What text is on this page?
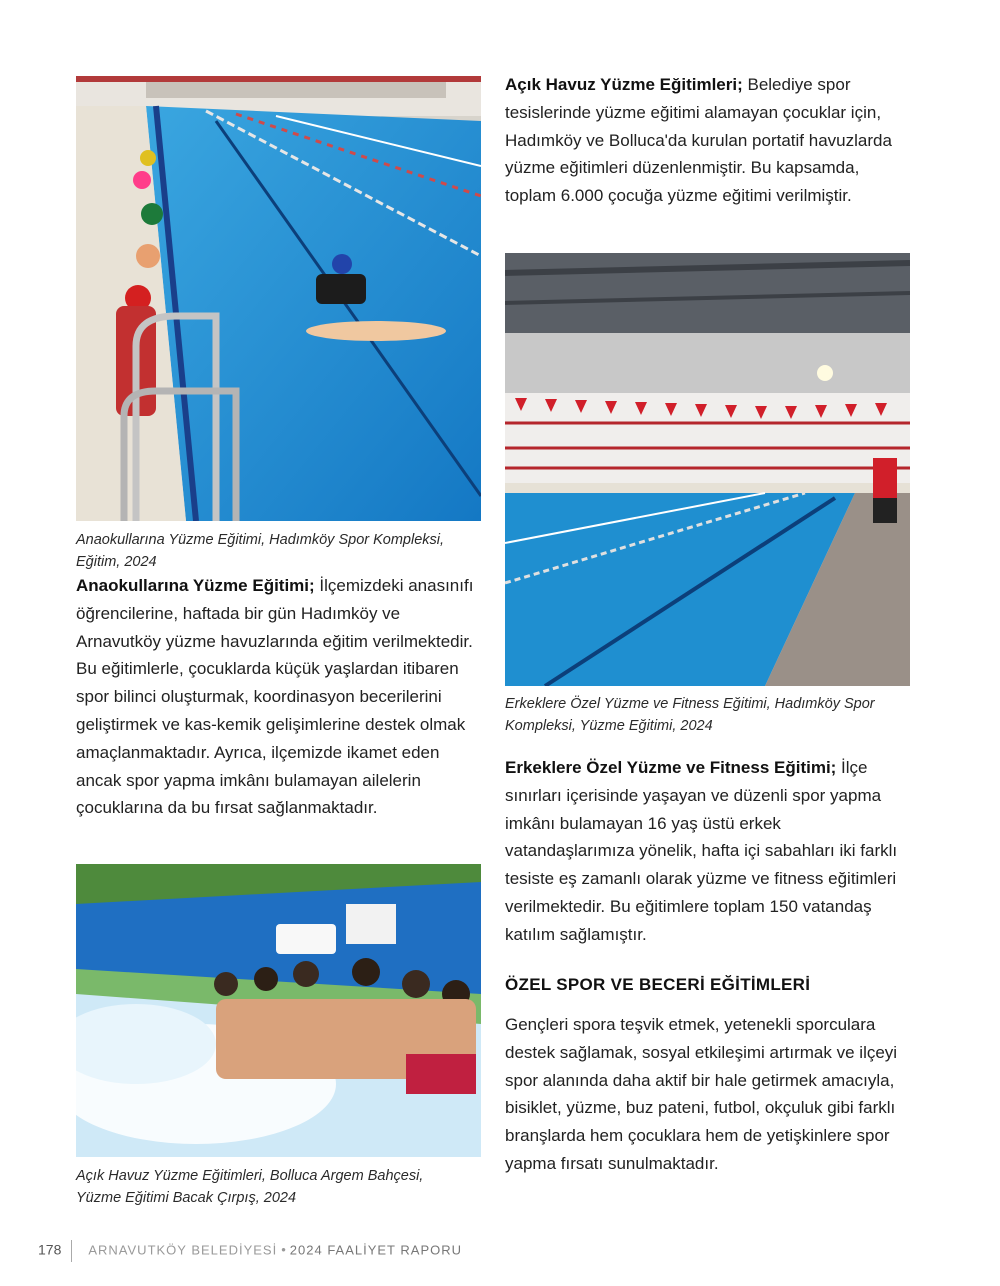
Anaokullarına Yüzme Eğitimi, Hadımköy Spor Kompleksi,
Eğitim, 2024

Anaokullarına Yüzme Eğitimi; İlçemizdeki anasınıfı öğrencilerine, haftada bir gün Hadımköy ve Arnavutköy yüzme havuzlarında eğitim verilmektedir. Bu eğitimlerle, çocuklarda küçük yaşlardan itibaren spor bilinci oluşturmak, koordinasyon becerilerini geliştirmek ve kas-kemik gelişimlerine destek olmak amaçlanmaktadır. Ayrıca, ilçemizde ikamet eden ancak spor yapma imkânı bulamayan ailelerin çocuklarına da bu fırsat sağlanmaktadır.

Açık Havuz Yüzme Eğitimleri, Bolluca Argem Bahçesi,
Yüzme Eğitimi Bacak Çırpış, 2024

Açık Havuz Yüzme Eğitimleri; Belediye spor tesislerinde yüzme eğitimi alamayan çocuklar için, Hadımköy ve Bolluca'da kurulan portatif havuzlarda yüzme eğitimleri düzenlenmiştir. Bu kapsamda, toplam 6.000 çocuğa yüzme eğitimi verilmiştir.

Erkeklere Özel Yüzme ve Fitness Eğitimi, Hadımköy Spor
Kompleksi, Yüzme Eğitimi, 2024

Erkeklere Özel Yüzme ve Fitness Eğitimi; İlçe sınırları içerisinde yaşayan ve düzenli spor yapma imkânı bulamayan 16 yaş üstü erkek vatandaşlarımıza yönelik, hafta içi sabahları iki farklı tesiste eş zamanlı olarak yüzme ve fitness eğitimleri verilmektedir. Bu eğitimlere toplam 150 vatandaş katılım sağlamıştır.

ÖZEL SPOR VE BECERİ EĞİTİMLERİ

Gençleri spora teşvik etmek, yetenekli sporculara destek sağlamak, sosyal etkileşimi artırmak ve ilçeyi spor alanında daha aktif bir hale getirmek amacıyla, bisiklet, yüzme, buz pateni, futbol, okçuluk gibi farklı branşlarda hem çocuklara hem de yetişkinlere spor yapma fırsatı sunulmaktadır.

178 ARNAVUTKÖY BELEDİYESİ • 2024 FAALİYET RAPORU
